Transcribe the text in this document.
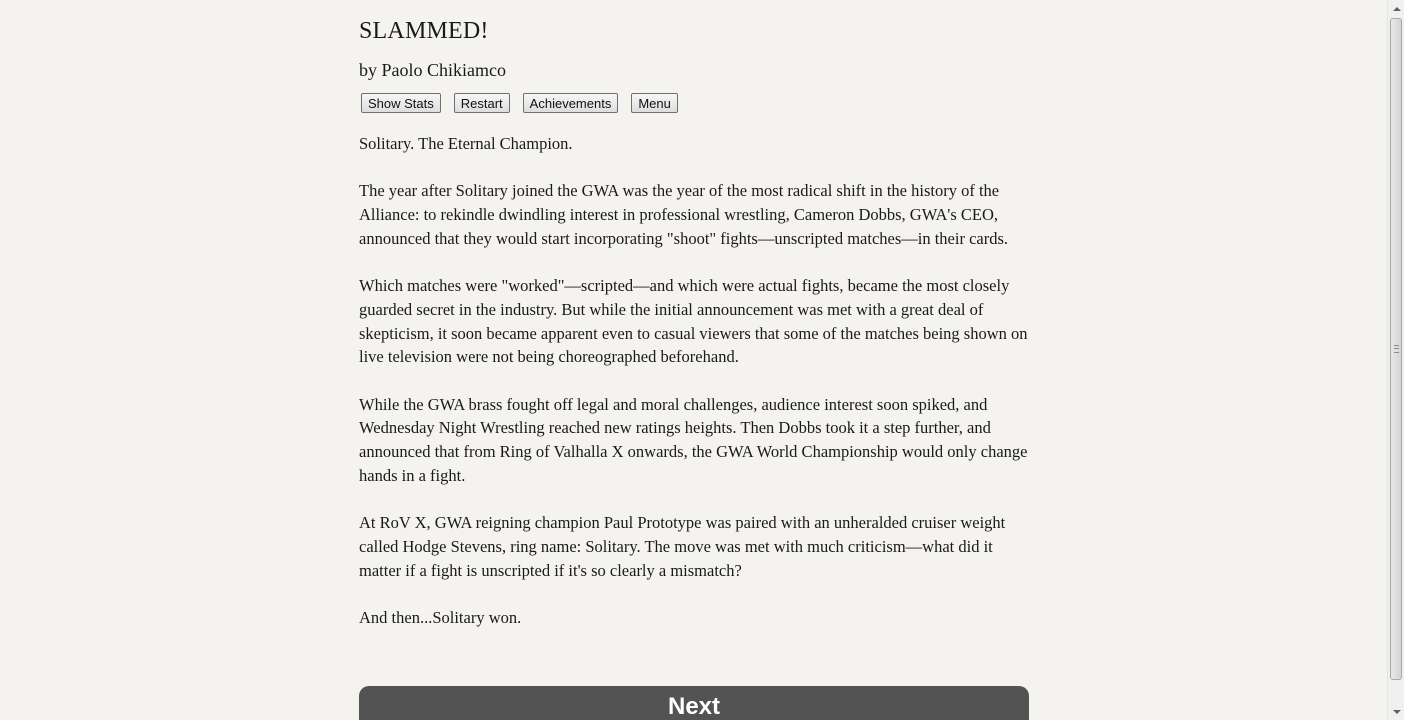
SLAMMED!
by Paolo Chikiamco
Show Stats	Restart	Achievements	Menu

Solitary. The Eternal Champion.

The year after Solitary joined the GWA was the year of the most radical shift in the history of the Alliance: to rekindle dwindling interest in professional wrestling, Cameron Dobbs, GWA's CEO, announced that they would start incorporating "shoot" fights—unscripted matches—in their cards.

Which matches were "worked"—scripted—and which were actual fights, became the most closely guarded secret in the industry. But while the initial announcement was met with a great deal of skepticism, it soon became apparent even to casual viewers that some of the matches being shown on live television were not being choreographed beforehand.

While the GWA brass fought off legal and moral challenges, audience interest soon spiked, and Wednesday Night Wrestling reached new ratings heights. Then Dobbs took it a step further, and announced that from Ring of Valhalla X onwards, the GWA World Championship would only change hands in a fight.

At RoV X, GWA reigning champion Paul Prototype was paired with an unheralded cruiser weight called Hodge Stevens, ring name: Solitary. The move was met with much criticism—what did it matter if a fight is unscripted if it's so clearly a mismatch?

And then...Solitary won.

Next
